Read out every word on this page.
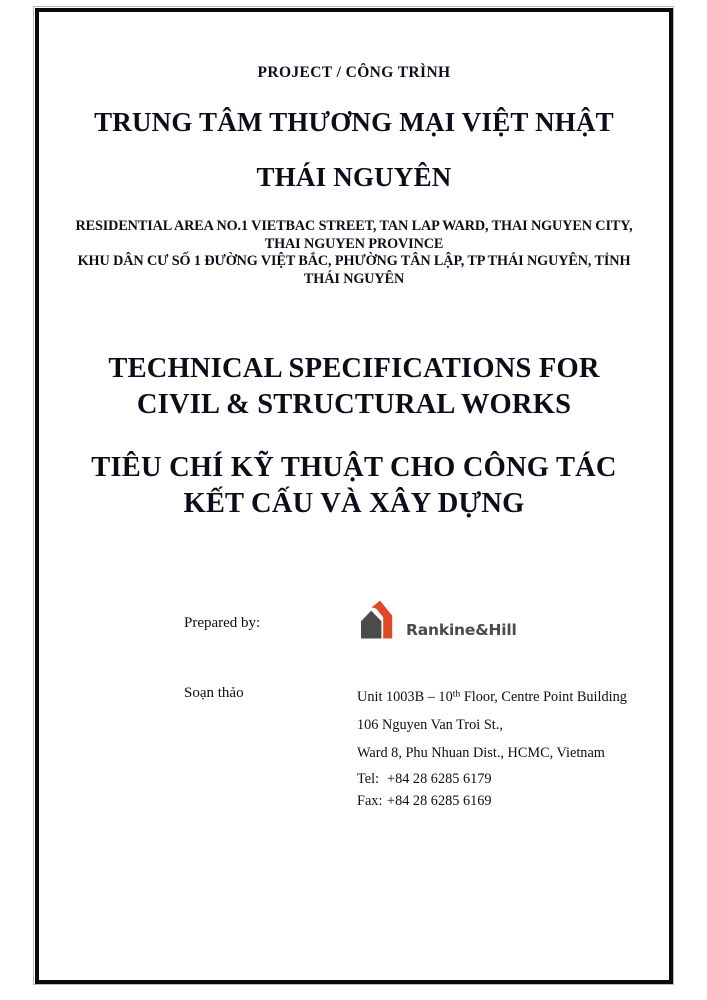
PROJECT / CÔNG TRÌNH
TRUNG TÂM THƯƠNG MẠI VIỆT NHẬT
THÁI NGUYÊN
RESIDENTIAL AREA NO.1 VIETBAC STREET, TAN LAP WARD, THAI NGUYEN CITY,
THAI NGUYEN PROVINCE
KHU DÂN CƯ SỐ 1 ĐƯỜNG VIỆT BẮC, PHƯỜNG TÂN LẬP, TP THÁI NGUYÊN, TỈNH
THÁI NGUYÊN
TECHNICAL SPECIFICATIONS FOR
CIVIL & STRUCTURAL WORKS
TIÊU CHÍ KỸ THUẬT CHO CÔNG TÁC
KẾT CẤU VÀ XÂY DỰNG
Prepared by:	Rankine&Hill
Soạn thảo	Unit 1003B – 10th Floor, Centre Point Building
106 Nguyen Van Troi St.,
Ward 8, Phu Nhuan Dist., HCMC, Vietnam
Tel: +84 28 6285 6179
Fax: +84 28 6285 6169
